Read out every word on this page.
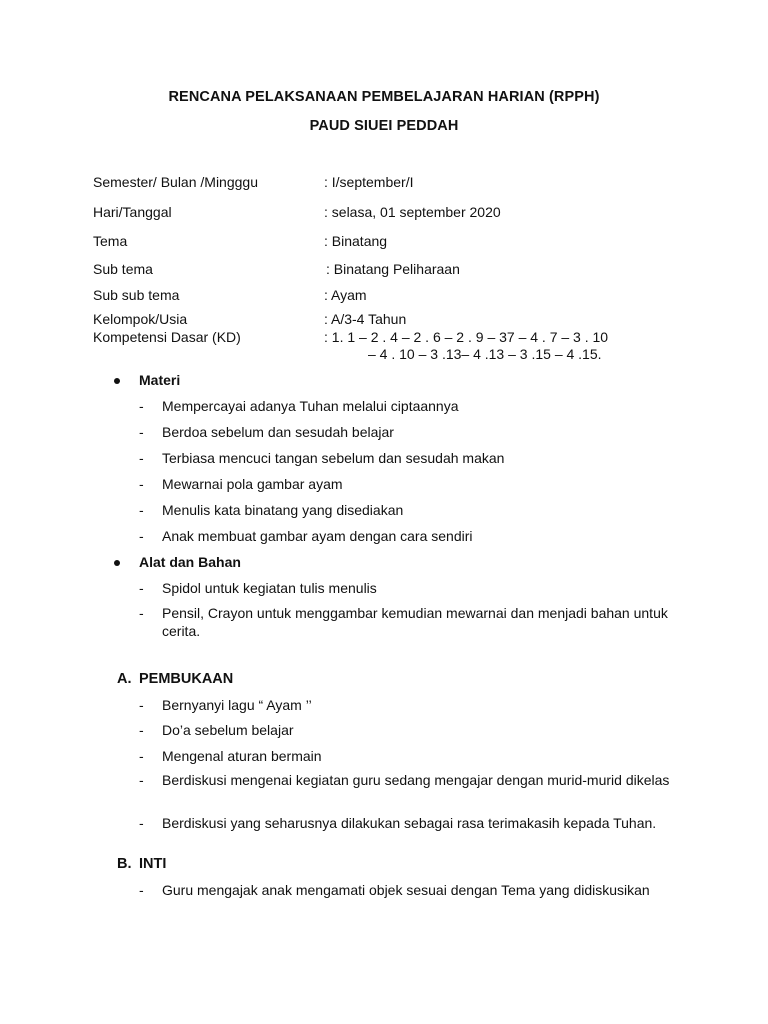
RENCANA PELAKSANAAN PEMBELAJARAN HARIAN (RPPH)
PAUD SIUEI PEDDAH
Semester/ Bulan /Mingggu	: I/september/I
Hari/Tanggal	: selasa, 01 september 2020
Tema	: Binatang
Sub tema	: Binatang Peliharaan
Sub sub tema	: Ayam
Kelompok/Usia	: A/3-4 Tahun
Kompetensi Dasar (KD)	: 1. 1 – 2 . 4 – 2 . 6 – 2 . 9 – 37 – 4 . 7 – 3 . 10
– 4 . 10 – 3 .13– 4 .13 – 3 .15 – 4 .15.
Materi
- Mempercayai adanya Tuhan melalui ciptaannya
- Berdoa sebelum dan sesudah belajar
- Terbiasa mencuci tangan sebelum dan sesudah makan
- Mewarnai pola gambar ayam
- Menulis kata binatang yang disediakan
- Anak membuat gambar ayam dengan cara sendiri
Alat dan Bahan
- Spidol untuk kegiatan tulis menulis
- Pensil, Crayon untuk menggambar kemudian mewarnai dan menjadi bahan untuk cerita.
A. PEMBUKAAN
- Bernyanyi lagu “ Ayam ’’
- Do’a sebelum belajar
- Mengenal aturan bermain
- Berdiskusi mengenai kegiatan guru sedang mengajar dengan murid-murid dikelas
- Berdiskusi yang seharusnya dilakukan sebagai rasa terimakasih kepada Tuhan.
B. INTI
- Guru mengajak anak mengamati objek sesuai dengan Tema yang didiskusikan
